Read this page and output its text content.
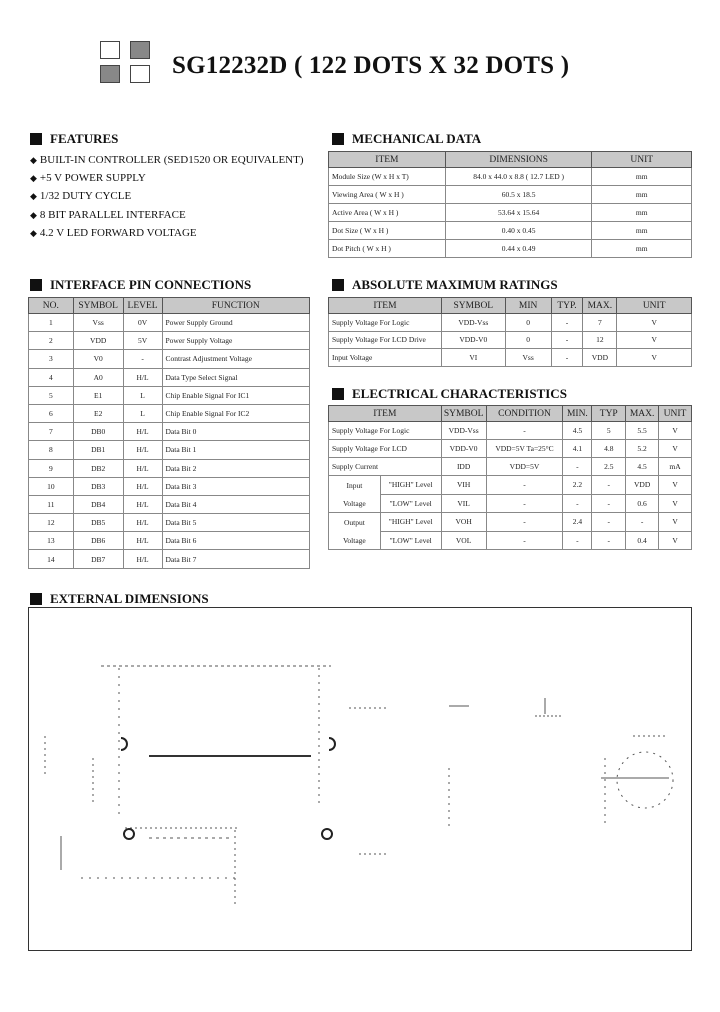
SG12232D ( 122 DOTS X 32 DOTS )
FEATURES
◆ BUILT-IN CONTROLLER (SED1520 OR EQUIVALENT)
◆ +5 V POWER SUPPLY
◆ 1/32 DUTY CYCLE
◆ 8 BIT PARALLEL INTERFACE
◆ 4.2 V LED FORWARD VOLTAGE
MECHANICAL DATA
ITEM	DIMENSIONS	UNIT
Module Size (W x H x T)	84.0 x 44.0 x 8.8 ( 12.7 LED )	mm
Viewing Area ( W x H )	60.5 x 18.5	mm
Active Area ( W x H )	53.64 x 15.64	mm
Dot Size ( W x H )	0.40 x 0.45	mm
Dot Pitch ( W x H )	0.44 x 0.49	mm
INTERFACE PIN CONNECTIONS
NO.	SYMBOL	LEVEL	FUNCTION
1	Vss	0V	Power Supply Ground
2	VDD	5V	Power Supply Voltage
3	V0	-	Contrast Adjustment Voltage
4	A0	H/L	Data Type Select Signal
5	E1	L	Chip Enable Signal For IC1
6	E2	L	Chip Enable Signal For IC2
7	DB0	H/L	Data Bit 0
8	DB1	H/L	Data Bit 1
9	DB2	H/L	Data Bit 2
10	DB3	H/L	Data Bit 3
11	DB4	H/L	Data Bit 4
12	DB5	H/L	Data Bit 5
13	DB6	H/L	Data Bit 6
14	DB7	H/L	Data Bit 7
ABSOLUTE MAXIMUM RATINGS
ITEM	SYMBOL	MIN	TYP.	MAX.	UNIT
Supply Voltage For Logic	VDD-Vss	0	-	7	V
Supply Voltage For LCD Drive	VDD-V0	0	-	12	V
Input Voltage	VI	Vss	-	VDD	V
ELECTRICAL CHARACTERISTICS
ITEM		SYMBOL	CONDITION	MIN.	TYP	MAX.	UNIT
Supply Voltage For Logic		VDD-Vss	-	4.5	5	5.5	V
Supply Voltage For LCD		VDD-V0	VDD=5V Ta=25°C	4.1	4.8	5.2	V
Supply Current		IDD	VDD=5V	-	2.5	4.5	mA
Input	"HIGH" Level	VIH	-	2.2	-	VDD	V
Voltage	"LOW" Level	VIL	-	-	-	0.6	V
Output	"HIGH" Level	VOH	-	2.4	-	-	V
Voltage	"LOW" Level	VOL	-	-	-	0.4	V
EXTERNAL DIMENSIONS
